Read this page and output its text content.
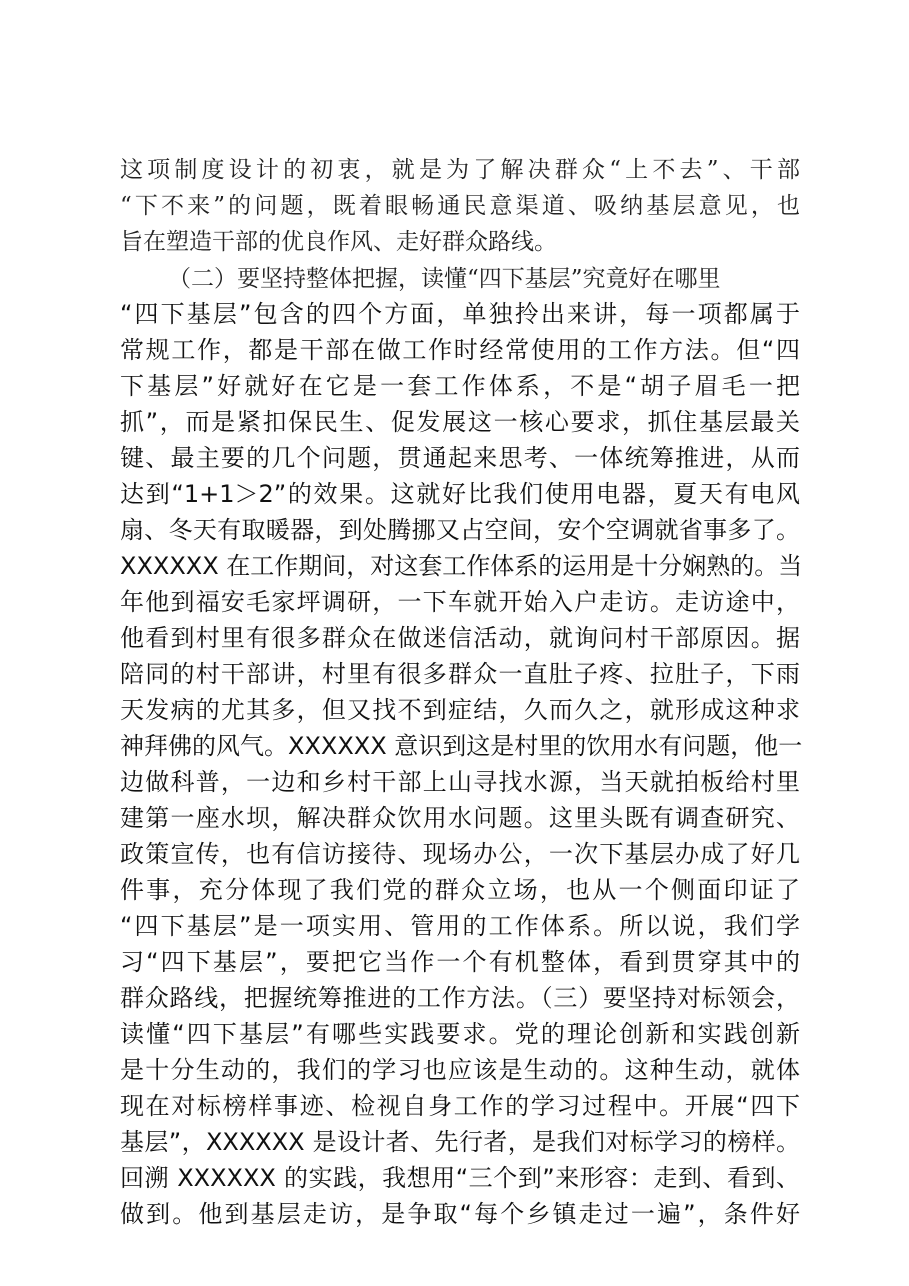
这项制度设计的初衷，就是为了解决群众“上不去”、干部
“下不来”的问题，既着眼畅通民意渠道、吸纳基层意见，也
旨在塑造干部的优良作风、走好群众路线。
（二）要坚持整体把握，读懂“四下基层”究竟好在哪里
“四下基层”包含的四个方面，单独拎出来讲，每一项都属于
常规工作，都是干部在做工作时经常使用的工作方法。但“四
下基层”好就好在它是一套工作体系，不是“胡子眉毛一把
抓”，而是紧扣保民生、促发展这一核心要求，抓住基层最关
键、最主要的几个问题，贯通起来思考、一体统筹推进，从而
达到“1+1＞2”的效果。这就好比我们使用电器，夏天有电风
扇、冬天有取暖器，到处腾挪又占空间，安个空调就省事多了。
XXXXXX 在工作期间，对这套工作体系的运用是十分娴熟的。当
年他到福安毛家坪调研，一下车就开始入户走访。走访途中，
他看到村里有很多群众在做迷信活动，就询问村干部原因。据
陪同的村干部讲，村里有很多群众一直肚子疼、拉肚子，下雨
天发病的尤其多，但又找不到症结，久而久之，就形成这种求
神拜佛的风气。XXXXXX 意识到这是村里的饮用水有问题，他一
边做科普，一边和乡村干部上山寻找水源，当天就拍板给村里
建第一座水坝，解决群众饮用水问题。这里头既有调查研究、
政策宣传，也有信访接待、现场办公，一次下基层办成了好几
件事，充分体现了我们党的群众立场，也从一个侧面印证了
“四下基层”是一项实用、管用的工作体系。所以说，我们学
习“四下基层”，要把它当作一个有机整体，看到贯穿其中的
群众路线，把握统筹推进的工作方法。（三）要坚持对标领会，
读懂“四下基层”有哪些实践要求。党的理论创新和实践创新
是十分生动的，我们的学习也应该是生动的。这种生动，就体
现在对标榜样事迹、检视自身工作的学习过程中。开展“四下
基层”，XXXXXX 是设计者、先行者，是我们对标学习的榜样。
回溯 XXXXXX 的实践，我想用“三个到”来形容：走到、看到、
做到。他到基层走访，是争取“每个乡镇走过一遍”，条件好
